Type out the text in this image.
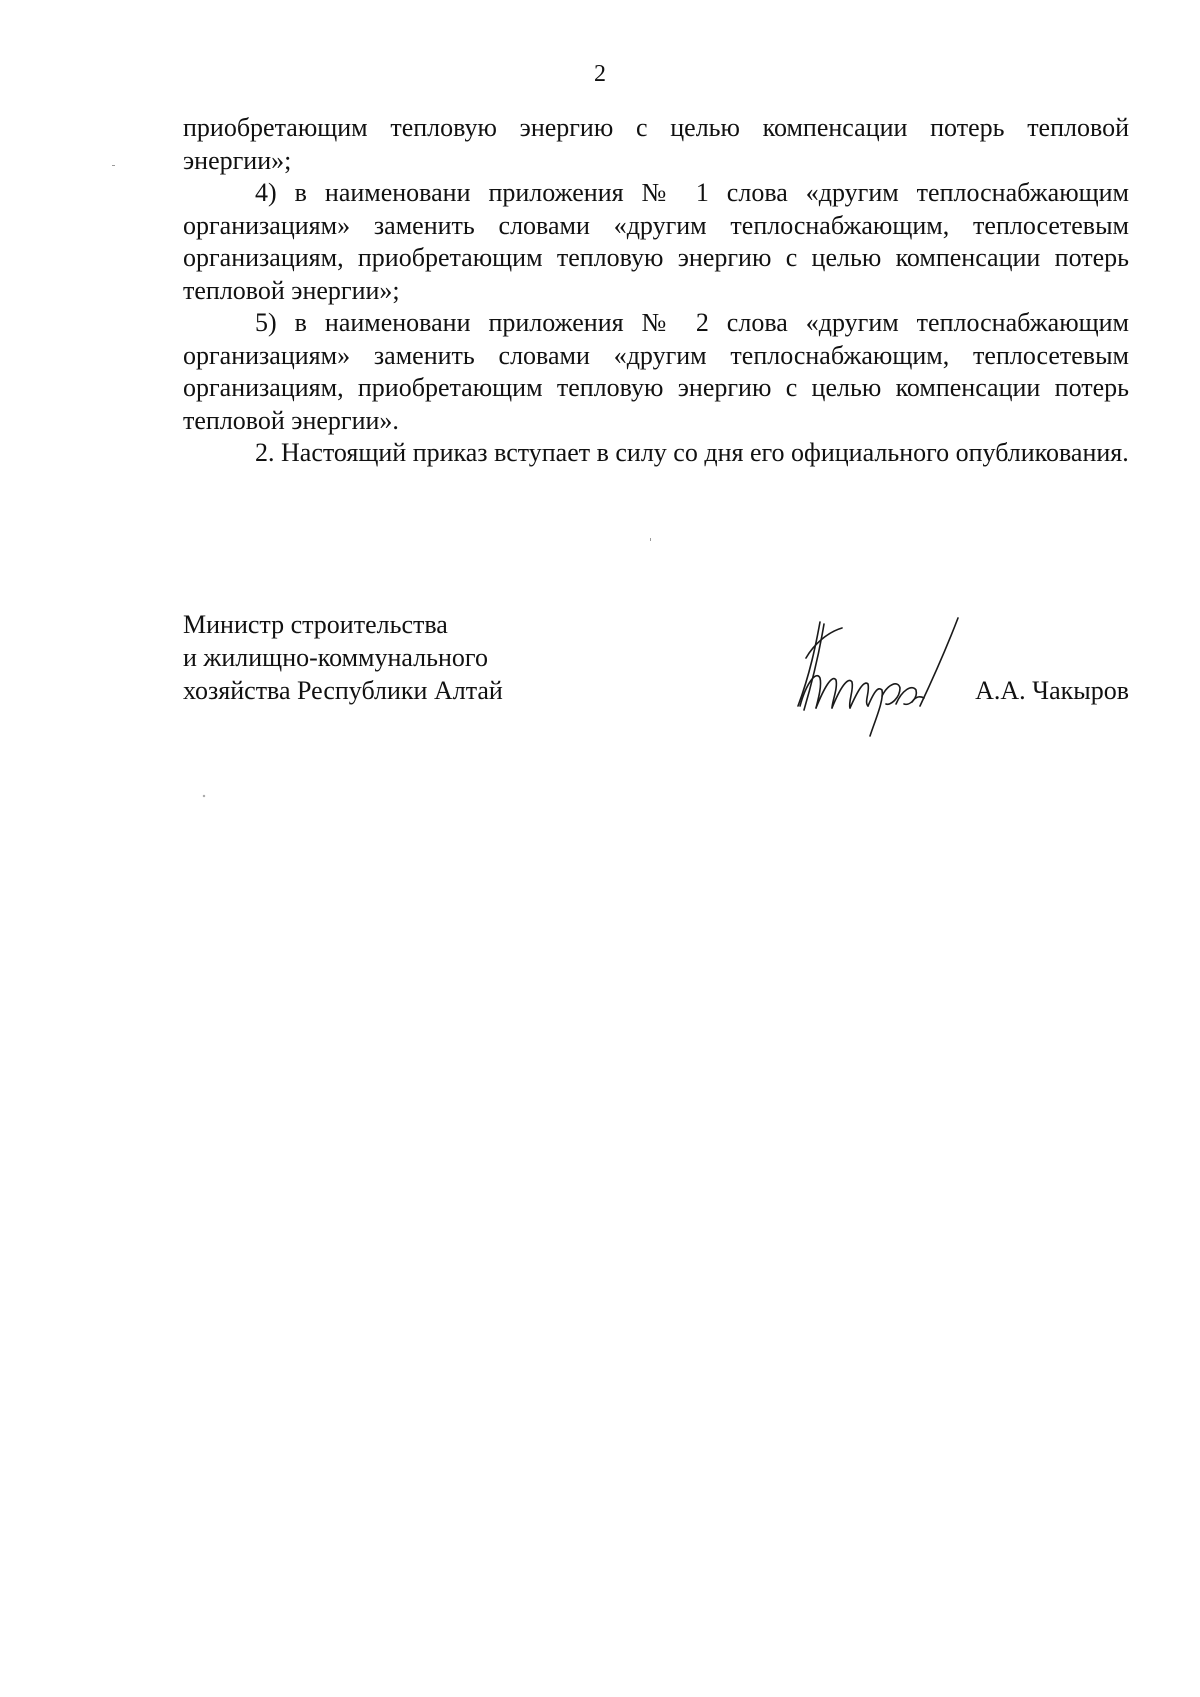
2

приобретающим тепловую энергию с целью компенсации потерь тепловой энергии»;

4) в наименовани приложения № 1 слова «другим теплоснабжающим организациям» заменить словами «другим теплоснабжающим, теплосетевым организациям, приобретающим тепловую энергию с целью компенсации потерь тепловой энергии»;

5) в наименовани приложения № 2 слова «другим теплоснабжающим организациям» заменить словами «другим теплоснабжающим, теплосетевым организациям, приобретающим тепловую энергию с целью компенсации потерь тепловой энергии».

2. Настоящий приказ вступает в силу со дня его официального опубликования.

Министр строительства
и жилищно-коммунального
хозяйства Республики Алтай	А.А. Чакыров
